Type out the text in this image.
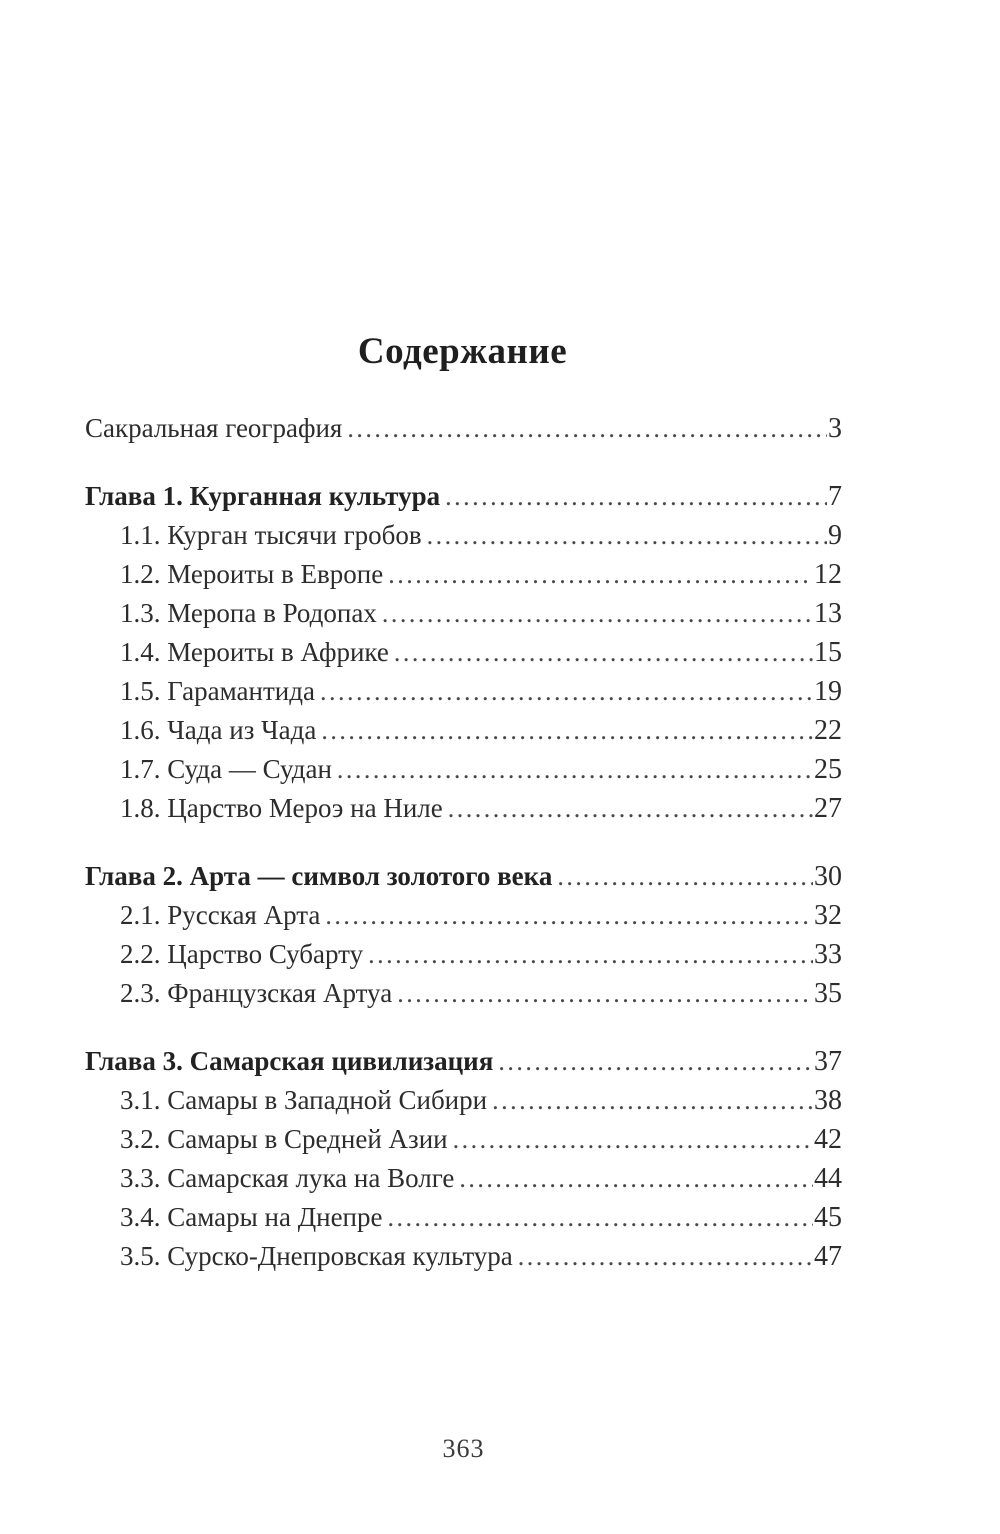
Содержание
Сакральная география .....	3
Глава 1. Курганная культура .....	7
1.1. Курган тысячи гробов .....	9
1.2. Мероиты в Европе .....	12
1.3. Меропа в Родопах .....	13
1.4. Мероиты в Африке .....	15
1.5. Гарамантида .....	19
1.6. Чада из Чада .....	22
1.7. Суда — Судан .....	25
1.8. Царство Мероэ на Ниле .....	27
Глава 2. Арта — символ золотого века .....	30
2.1. Русская Арта .....	32
2.2. Царство Субарту .....	33
2.3. Французская Артуа .....	35
Глава 3. Самарская цивилизация .....	37
3.1. Самары в Западной Сибири .....	38
3.2. Самары в Средней Азии .....	42
3.3. Самарская лука на Волге .....	44
3.4. Самары на Днепре .....	45
3.5. Сурско-Днепровская культура .....	47
363
